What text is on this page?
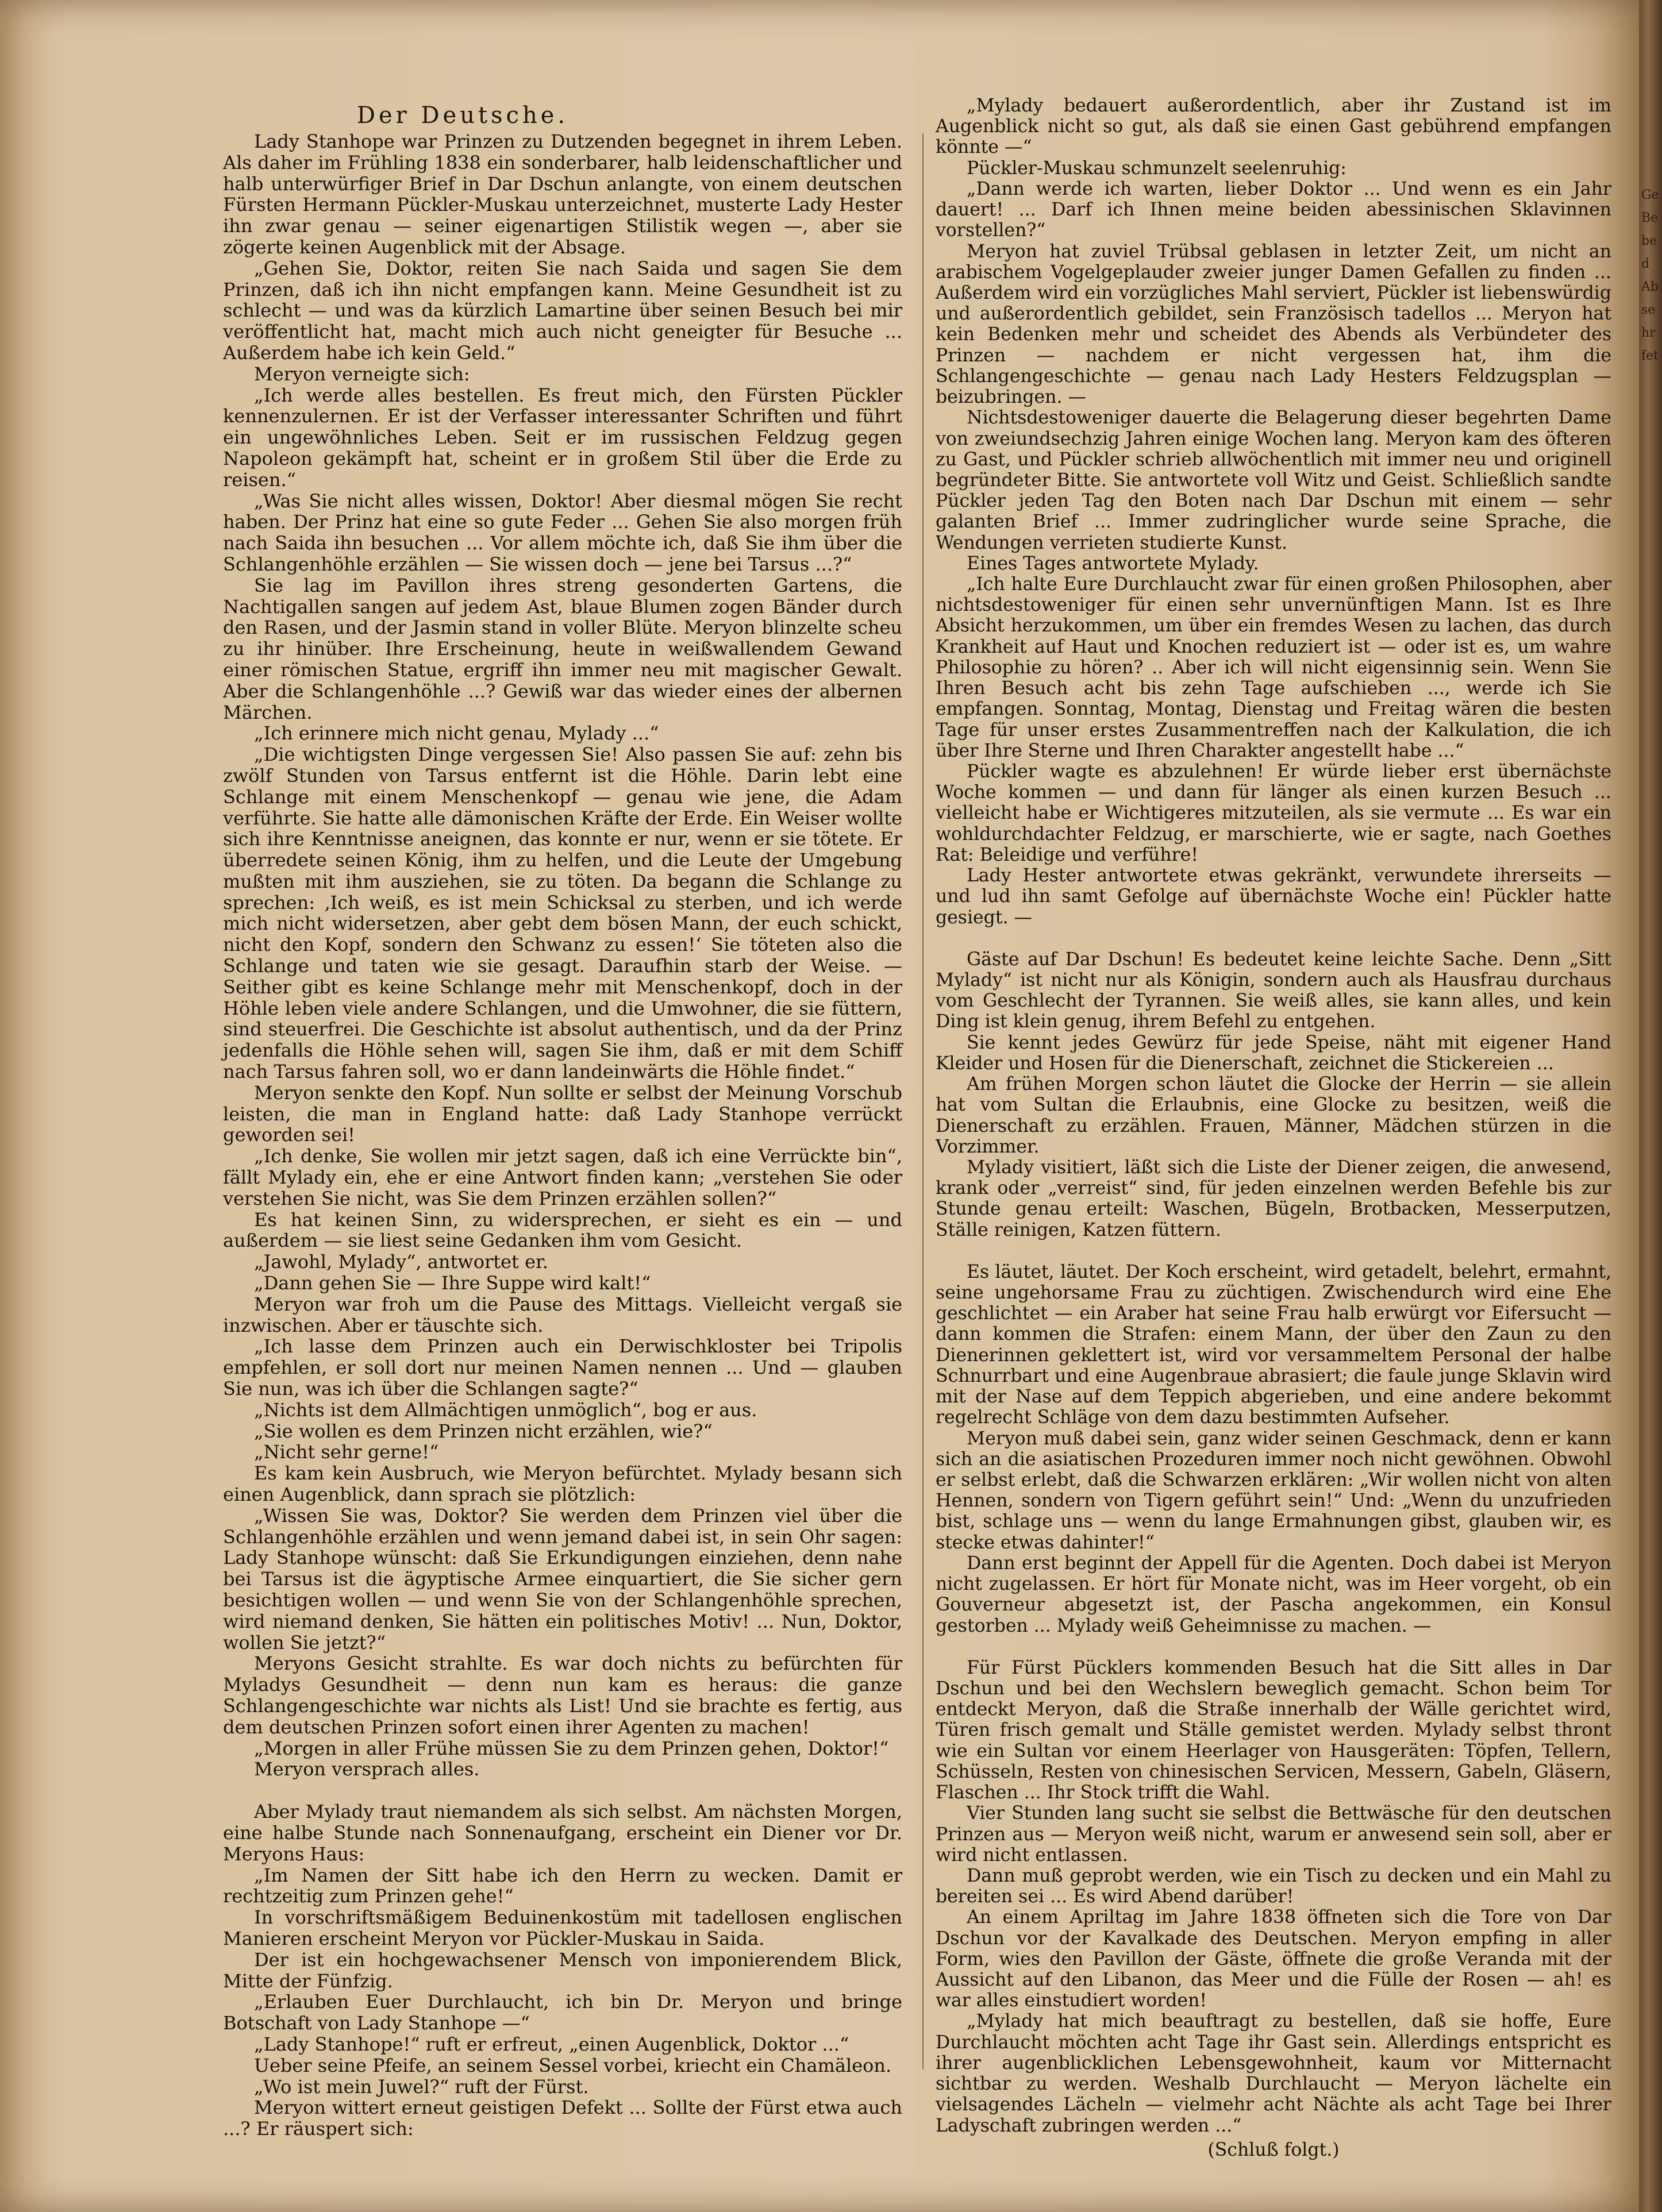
Der Deutsche.

Lady Stanhope war Prinzen zu Dutzenden begegnet in ihrem Leben. Als daher im Frühling 1838 ein sonderbarer, halb leidenschaftlicher und halb unterwürfiger Brief in Dar Dschun anlangte, von einem deutschen Fürsten Hermann Pückler-Muskau unterzeichnet, musterte Lady Hester ihn zwar genau — seiner eigenartigen Stilistik wegen —, aber sie zögerte keinen Augenblick mit der Absage.

„Gehen Sie, Doktor, reiten Sie nach Saida und sagen Sie dem Prinzen, daß ich ihn nicht empfangen kann. Meine Gesundheit ist zu schlecht — und was da kürzlich Lamartine über seinen Besuch bei mir veröffentlicht hat, macht mich auch nicht geneigter für Besuche ... Außerdem habe ich kein Geld.“

Meryon verneigte sich:

„Ich werde alles bestellen. Es freut mich, den Fürsten Pückler kennenzulernen. Er ist der Verfasser interessanter Schriften und führt ein ungewöhnliches Leben. Seit er im russischen Feldzug gegen Napoleon gekämpft hat, scheint er in großem Stil über die Erde zu reisen.“

„Was Sie nicht alles wissen, Doktor! Aber diesmal mögen Sie recht haben. Der Prinz hat eine so gute Feder ... Gehen Sie also morgen früh nach Saida ihn besuchen ... Vor allem möchte ich, daß Sie ihm über die Schlangenhöhle erzählen — Sie wissen doch — jene bei Tarsus ...?“

Sie lag im Pavillon ihres streng gesonderten Gartens, die Nachtigallen sangen auf jedem Ast, blaue Blumen zogen Bänder durch den Rasen, und der Jasmin stand in voller Blüte. Meryon blinzelte scheu zu ihr hinüber. Ihre Erscheinung, heute in weißwallendem Gewand einer römischen Statue, ergriff ihn immer neu mit magischer Gewalt. Aber die Schlangenhöhle ...? Gewiß war das wieder eines der albernen Märchen.

„Ich erinnere mich nicht genau, Mylady ...“

„Die wichtigsten Dinge vergessen Sie! Also passen Sie auf: zehn bis zwölf Stunden von Tarsus entfernt ist die Höhle. Darin lebt eine Schlange mit einem Menschenkopf — genau wie jene, die Adam verführte. Sie hatte alle dämonischen Kräfte der Erde. Ein Weiser wollte sich ihre Kenntnisse aneignen, das konnte er nur, wenn er sie tötete. Er überredete seinen König, ihm zu helfen, und die Leute der Umgebung mußten mit ihm ausziehen, sie zu töten. Da begann die Schlange zu sprechen: ‚Ich weiß, es ist mein Schicksal zu sterben, und ich werde mich nicht widersetzen, aber gebt dem bösen Mann, der euch schickt, nicht den Kopf, sondern den Schwanz zu essen!‘ Sie töteten also die Schlange und taten wie sie gesagt. Daraufhin starb der Weise. — Seither gibt es keine Schlange mehr mit Menschenkopf, doch in der Höhle leben viele andere Schlangen, und die Umwohner, die sie füttern, sind steuerfrei. Die Geschichte ist absolut authentisch, und da der Prinz jedenfalls die Höhle sehen will, sagen Sie ihm, daß er mit dem Schiff nach Tarsus fahren soll, wo er dann landeinwärts die Höhle findet.“

Meryon senkte den Kopf. Nun sollte er selbst der Meinung Vorschub leisten, die man in England hatte: daß Lady Stanhope verrückt geworden sei!

„Ich denke, Sie wollen mir jetzt sagen, daß ich eine Verrückte bin“, fällt Mylady ein, ehe er eine Antwort finden kann; „verstehen Sie oder verstehen Sie nicht, was Sie dem Prinzen erzählen sollen?“

Es hat keinen Sinn, zu widersprechen, er sieht es ein — und außerdem — sie liest seine Gedanken ihm vom Gesicht.

„Jawohl, Mylady“, antwortet er.

„Dann gehen Sie — Ihre Suppe wird kalt!“

Meryon war froh um die Pause des Mittags. Vielleicht vergaß sie inzwischen. Aber er täuschte sich.

„Ich lasse dem Prinzen auch ein Derwischkloster bei Tripolis empfehlen, er soll dort nur meinen Namen nennen ... Und — glauben Sie nun, was ich über die Schlangen sagte?“

„Nichts ist dem Allmächtigen unmöglich“, bog er aus.

„Sie wollen es dem Prinzen nicht erzählen, wie?“

„Nicht sehr gerne!“

Es kam kein Ausbruch, wie Meryon befürchtet. Mylady besann sich einen Augenblick, dann sprach sie plötzlich:

„Wissen Sie was, Doktor? Sie werden dem Prinzen viel über die Schlangenhöhle erzählen und wenn jemand dabei ist, in sein Ohr sagen: Lady Stanhope wünscht: daß Sie Erkundigungen einziehen, denn nahe bei Tarsus ist die ägyptische Armee einquartiert, die Sie sicher gern besichtigen wollen — und wenn Sie von der Schlangenhöhle sprechen, wird niemand denken, Sie hätten ein politisches Motiv! ... Nun, Doktor, wollen Sie jetzt?“

Meryons Gesicht strahlte. Es war doch nichts zu befürchten für Myladys Gesundheit — denn nun kam es heraus: die ganze Schlangengeschichte war nichts als List! Und sie brachte es fertig, aus dem deutschen Prinzen sofort einen ihrer Agenten zu machen!

„Morgen in aller Frühe müssen Sie zu dem Prinzen gehen, Doktor!“

Meryon versprach alles.

Aber Mylady traut niemandem als sich selbst. Am nächsten Morgen, eine halbe Stunde nach Sonnenaufgang, erscheint ein Diener vor Dr. Meryons Haus:

„Im Namen der Sitt habe ich den Herrn zu wecken. Damit er rechtzeitig zum Prinzen gehe!“

In vorschriftsmäßigem Beduinenkostüm mit tadellosen englischen Manieren erscheint Meryon vor Pückler-Muskau in Saida.

Der ist ein hochgewachsener Mensch von imponierendem Blick, Mitte der Fünfzig.

„Erlauben Euer Durchlaucht, ich bin Dr. Meryon und bringe Botschaft von Lady Stanhope —“

„Lady Stanhope!“ ruft er erfreut, „einen Augenblick, Doktor ...“

Ueber seine Pfeife, an seinem Sessel vorbei, kriecht ein Chamäleon.

„Wo ist mein Juwel?“ ruft der Fürst.

Meryon wittert erneut geistigen Defekt ... Sollte der Fürst etwa auch ...? Er räuspert sich:

„Mylady bedauert außerordentlich, aber ihr Zustand ist im Augenblick nicht so gut, als daß sie einen Gast gebührend empfangen könnte —“

Pückler-Muskau schmunzelt seelenruhig:

„Dann werde ich warten, lieber Doktor ... Und wenn es ein Jahr dauert! ... Darf ich Ihnen meine beiden abessinischen Sklavinnen vorstellen?“

Meryon hat zuviel Trübsal geblasen in letzter Zeit, um nicht an arabischem Vogelgeplauder zweier junger Damen Gefallen zu finden ... Außerdem wird ein vorzügliches Mahl serviert, Pückler ist liebenswürdig und außerordentlich gebildet, sein Französisch tadellos ... Meryon hat kein Bedenken mehr und scheidet des Abends als Verbündeter des Prinzen — nachdem er nicht vergessen hat, ihm die Schlangengeschichte — genau nach Lady Hesters Feldzugsplan — beizubringen. —

Nichtsdestoweniger dauerte die Belagerung dieser begehrten Dame von zweiundsechzig Jahren einige Wochen lang. Meryon kam des öfteren zu Gast, und Pückler schrieb allwöchentlich mit immer neu und originell begründeter Bitte. Sie antwortete voll Witz und Geist. Schließlich sandte Pückler jeden Tag den Boten nach Dar Dschun mit einem — sehr galanten Brief ... Immer zudringlicher wurde seine Sprache, die Wendungen verrieten studierte Kunst.

Eines Tages antwortete Mylady.

„Ich halte Eure Durchlaucht zwar für einen großen Philosophen, aber nichtsdestoweniger für einen sehr unvernünftigen Mann. Ist es Ihre Absicht herzukommen, um über ein fremdes Wesen zu lachen, das durch Krankheit auf Haut und Knochen reduziert ist — oder ist es, um wahre Philosophie zu hören? .. Aber ich will nicht eigensinnig sein. Wenn Sie Ihren Besuch acht bis zehn Tage aufschieben ..., werde ich Sie empfangen. Sonntag, Montag, Dienstag und Freitag wären die besten Tage für unser erstes Zusammentreffen nach der Kalkulation, die ich über Ihre Sterne und Ihren Charakter angestellt habe ...“

Pückler wagte es abzulehnen! Er würde lieber erst übernächste Woche kommen — und dann für länger als einen kurzen Besuch ... vielleicht habe er Wichtigeres mitzuteilen, als sie vermute ... Es war ein wohldurchdachter Feldzug, er marschierte, wie er sagte, nach Goethes Rat: Beleidige und verführe!

Lady Hester antwortete etwas gekränkt, verwundete ihrerseits — und lud ihn samt Gefolge auf übernächste Woche ein! Pückler hatte gesiegt. —

Gäste auf Dar Dschun! Es bedeutet keine leichte Sache. Denn „Sitt Mylady“ ist nicht nur als Königin, sondern auch als Hausfrau durchaus vom Geschlecht der Tyrannen. Sie weiß alles, sie kann alles, und kein Ding ist klein genug, ihrem Befehl zu entgehen.

Sie kennt jedes Gewürz für jede Speise, näht mit eigener Hand Kleider und Hosen für die Dienerschaft, zeichnet die Stickereien ...

Am frühen Morgen schon läutet die Glocke der Herrin — sie allein hat vom Sultan die Erlaubnis, eine Glocke zu besitzen, weiß die Dienerschaft zu erzählen. Frauen, Männer, Mädchen stürzen in die Vorzimmer.

Mylady visitiert, läßt sich die Liste der Diener zeigen, die anwesend, krank oder „verreist“ sind, für jeden einzelnen werden Befehle bis zur Stunde genau erteilt: Waschen, Bügeln, Brotbacken, Messerputzen, Ställe reinigen, Katzen füttern.

Es läutet, läutet. Der Koch erscheint, wird getadelt, belehrt, ermahnt, seine ungehorsame Frau zu züchtigen. Zwischendurch wird eine Ehe geschlichtet — ein Araber hat seine Frau halb erwürgt vor Eifersucht — dann kommen die Strafen: einem Mann, der über den Zaun zu den Dienerinnen geklettert ist, wird vor versammeltem Personal der halbe Schnurrbart und eine Augenbraue abrasiert; die faule junge Sklavin wird mit der Nase auf dem Teppich abgerieben, und eine andere bekommt regelrecht Schläge von dem dazu bestimmten Aufseher.

Meryon muß dabei sein, ganz wider seinen Geschmack, denn er kann sich an die asiatischen Prozeduren immer noch nicht gewöhnen. Obwohl er selbst erlebt, daß die Schwarzen erklären: „Wir wollen nicht von alten Hennen, sondern von Tigern geführt sein!“ Und: „Wenn du unzufrieden bist, schlage uns — wenn du lange Ermahnungen gibst, glauben wir, es stecke etwas dahinter!“

Dann erst beginnt der Appell für die Agenten. Doch dabei ist Meryon nicht zugelassen. Er hört für Monate nicht, was im Heer vorgeht, ob ein Gouverneur abgesetzt ist, der Pascha angekommen, ein Konsul gestorben ... Mylady weiß Geheimnisse zu machen. —

Für Fürst Pücklers kommenden Besuch hat die Sitt alles in Dar Dschun und bei den Wechslern beweglich gemacht. Schon beim Tor entdeckt Meryon, daß die Straße innerhalb der Wälle gerichtet wird, Türen frisch gemalt und Ställe gemistet werden. Mylady selbst thront wie ein Sultan vor einem Heerlager von Hausgeräten: Töpfen, Tellern, Schüsseln, Resten von chinesischen Servicen, Messern, Gabeln, Gläsern, Flaschen ... Ihr Stock trifft die Wahl.

Vier Stunden lang sucht sie selbst die Bettwäsche für den deutschen Prinzen aus — Meryon weiß nicht, warum er anwesend sein soll, aber er wird nicht entlassen.

Dann muß geprobt werden, wie ein Tisch zu decken und ein Mahl zu bereiten sei ... Es wird Abend darüber!

An einem Apriltag im Jahre 1838 öffneten sich die Tore von Dar Dschun vor der Kavalkade des Deutschen. Meryon empfing in aller Form, wies den Pavillon der Gäste, öffnete die große Veranda mit der Aussicht auf den Libanon, das Meer und die Fülle der Rosen — ah! es war alles einstudiert worden!

„Mylady hat mich beauftragt zu bestellen, daß sie hoffe, Eure Durchlaucht möchten acht Tage ihr Gast sein. Allerdings entspricht es ihrer augenblicklichen Lebensgewohnheit, kaum vor Mitternacht sichtbar zu werden. Weshalb Durchlaucht — Meryon lächelte ein vielsagendes Lächeln — vielmehr acht Nächte als acht Tage bei Ihrer Ladyschaft zubringen werden ...“

(Schluß folgt.)

Ge Be be d Ab sehr fet
